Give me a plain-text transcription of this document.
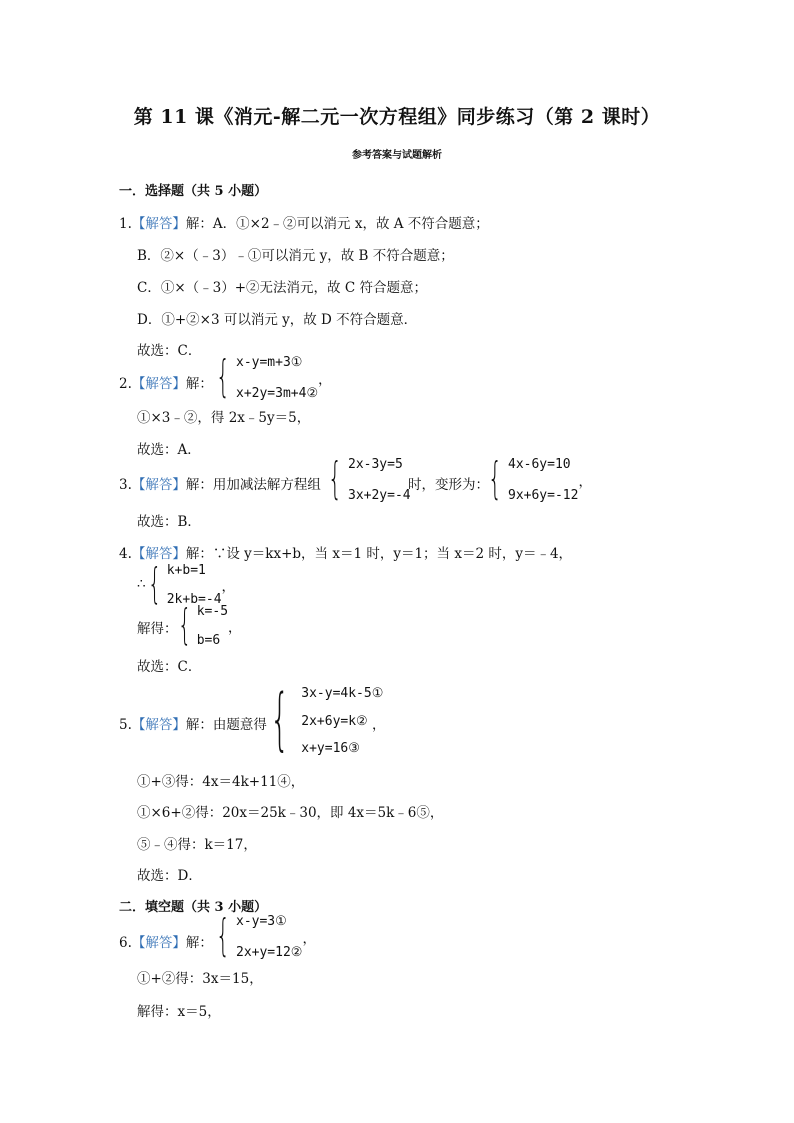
第 11 课《消元-解二元一次方程组》同步练习（第 2 课时）
参考答案与试题解析
一．选择题（共 5 小题）
1.【解答】解：A．①×2﹣②可以消元 x，故 A 不符合题意；
B．②×（﹣3）﹣①可以消元 y，故 B 不符合题意；
C．①×（﹣3）+②无法消元，故 C 符合题意；
D．①+②×3 可以消元 y，故 D 不符合题意．
故选：C．
2.【解答】解： { x-y=m+3①
x+2y=3m+4②
，
①×3﹣②，得 2x﹣5y＝5，
故选：A．
3.【解答】解：用加减法解方程组 { 2x-3y=5
3x+2y=-4
时，变形为： { 4x-6y=10
9x+6y=-12
，
故选：B．
4.【解答】解：∵设 y＝kx+b，当 x＝1 时，y＝1；当 x＝2 时，y＝﹣4，
∴ { k+b=1
2k+b=-4
，
解得： { k=-5
b=6
，
故选：C．
5.【解答】解：由题意得 { 3x-y=4k-5①
2x+6y=k②
x+y=16③
，
①+③得：4x＝4k+11④，
①×6+②得：20x＝25k﹣30，即 4x＝5k﹣6⑤，
⑤﹣④得：k＝17，
故选：D．
二．填空题（共 3 小题）
6.【解答】解： { x-y=3①
2x+y=12②
，
①+②得：3x＝15，
解得：x＝5，
